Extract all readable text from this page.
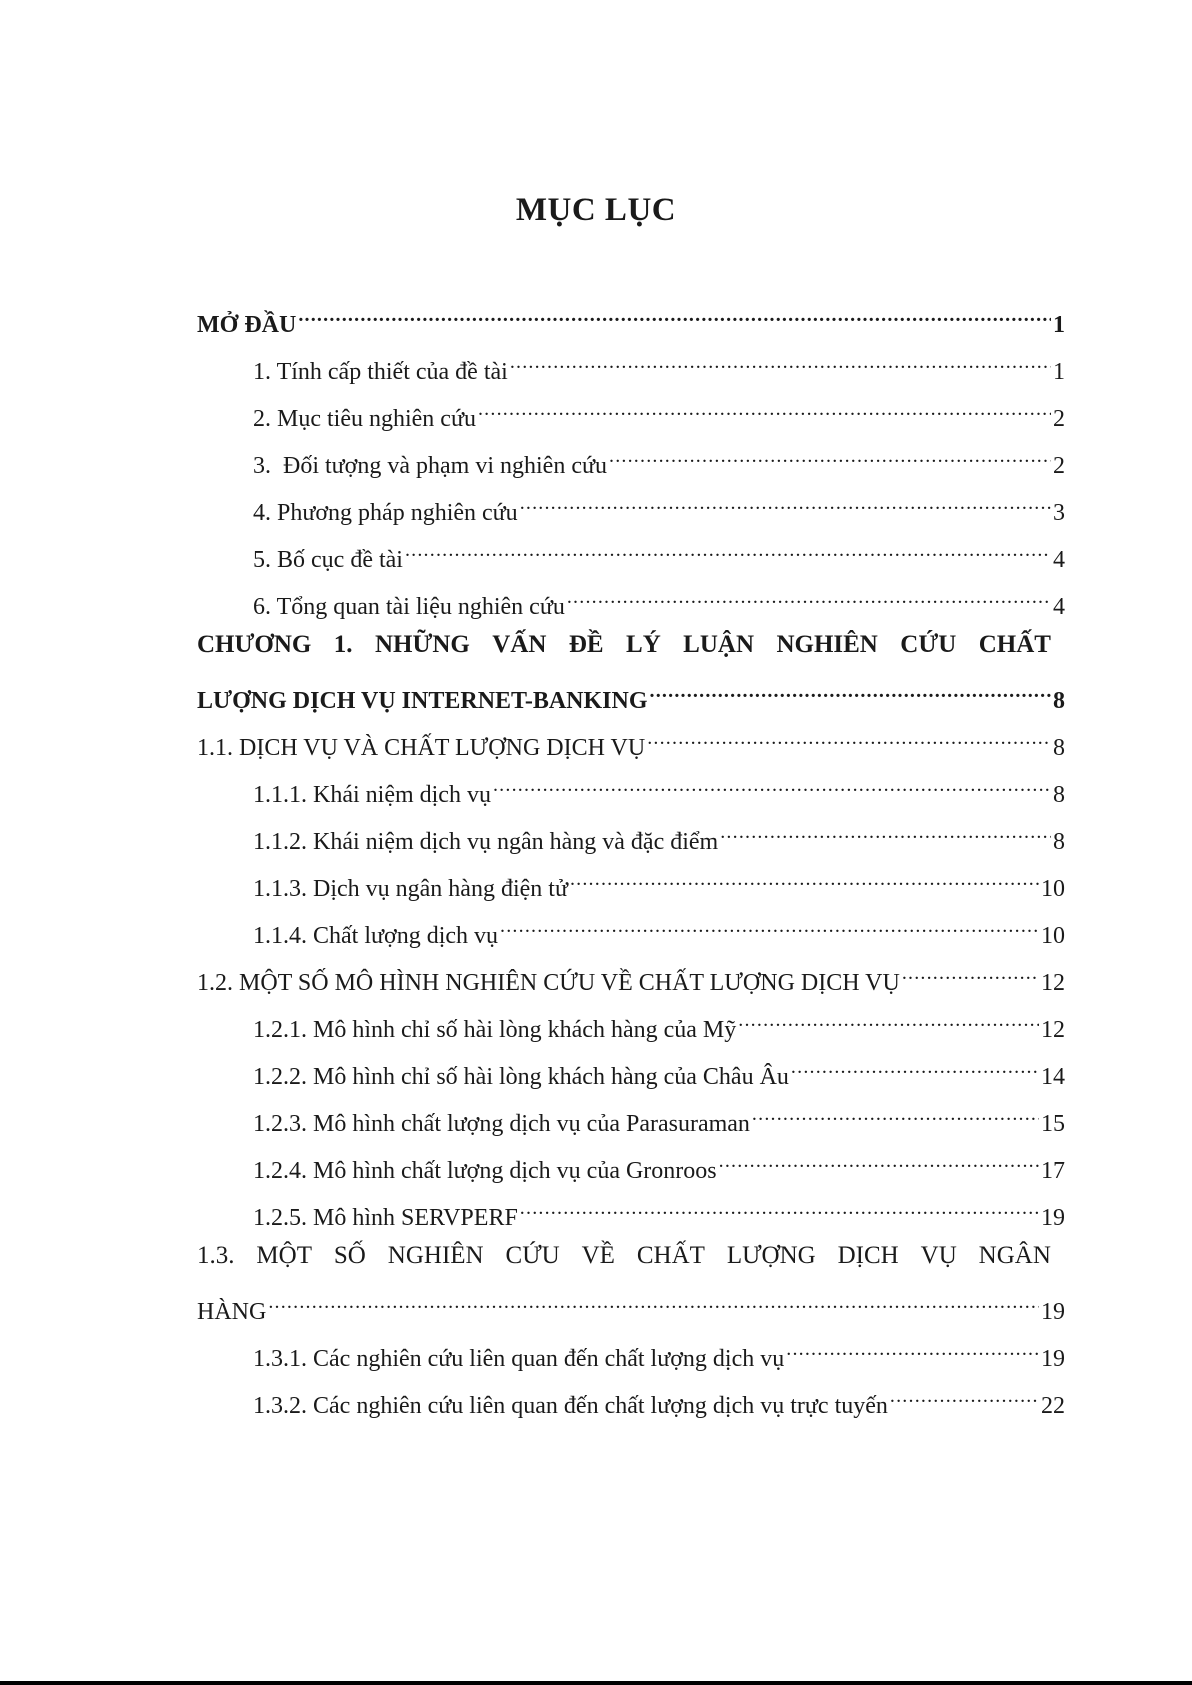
MỤC LỤC
MỞ ĐẦU .....	1
1. Tính cấp thiết của đề tài .....	1
2. Mục tiêu nghiên cứu .....	2
3.  Đối tượng và phạm vi nghiên cứu .....	2
4. Phương pháp nghiên cứu .....	3
5. Bố cục đề tài .....	4
6. Tổng quan tài liệu nghiên cứu .....	4
CHƯƠNG 1. NHỮNG VẤN ĐỀ LÝ LUẬN NGHIÊN CỨU CHẤT
LƯỢNG DỊCH VỤ INTERNET-BANKING .....	8
1.1. DỊCH VỤ VÀ CHẤT LƯỢNG DỊCH VỤ .....	8
1.1.1. Khái niệm dịch vụ .....	8
1.1.2. Khái niệm dịch vụ ngân hàng và đặc điểm .....	8
1.1.3. Dịch vụ ngân hàng điện tử .....	10
1.1.4. Chất lượng dịch vụ .....	10
1.2. MỘT SỐ MÔ HÌNH NGHIÊN CỨU VỀ CHẤT LƯỢNG DỊCH VỤ .....	12
1.2.1. Mô hình chỉ số hài lòng khách hàng của Mỹ .....	12
1.2.2. Mô hình chỉ số hài lòng khách hàng của Châu Âu .....	14
1.2.3. Mô hình chất lượng dịch vụ của Parasuraman .....	15
1.2.4. Mô hình chất lượng dịch vụ của Gronroos .....	17
1.2.5. Mô hình SERVPERF .....	19
1.3. MỘT SỐ NGHIÊN CỨU VỀ CHẤT LƯỢNG DỊCH VỤ NGÂN
HÀNG .....	19
1.3.1. Các nghiên cứu liên quan đến chất lượng dịch vụ .....	19
1.3.2. Các nghiên cứu liên quan đến chất lượng dịch vụ trực tuyến .....	22
